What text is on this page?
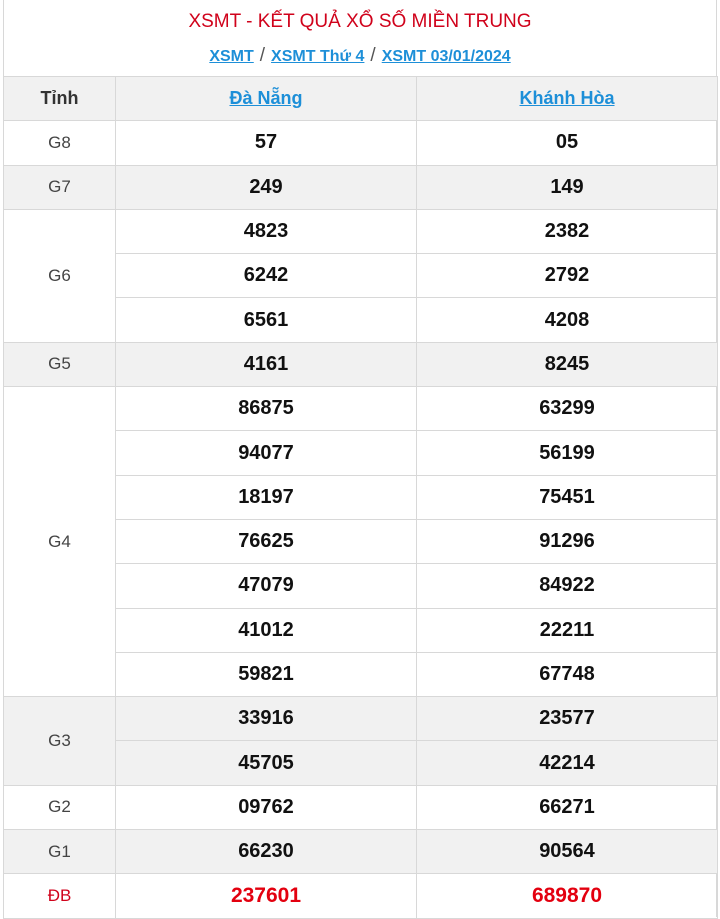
XSMT - KẾT QUẢ XỔ SỐ MIỀN TRUNG
XSMT / XSMT Thứ 4 / XSMT 03/01/2024
Tỉnh	Đà Nẵng	Khánh Hòa
G8	57	05
G7	249	149
G6	4823	2382
	6242	2792
	6561	4208
G5	4161	8245
G4	86875	63299
	94077	56199
	18197	75451
	76625	91296
	47079	84922
	41012	22211
	59821	67748
G3	33916	23577
	45705	42214
G2	09762	66271
G1	66230	90564
ĐB	237601	689870
